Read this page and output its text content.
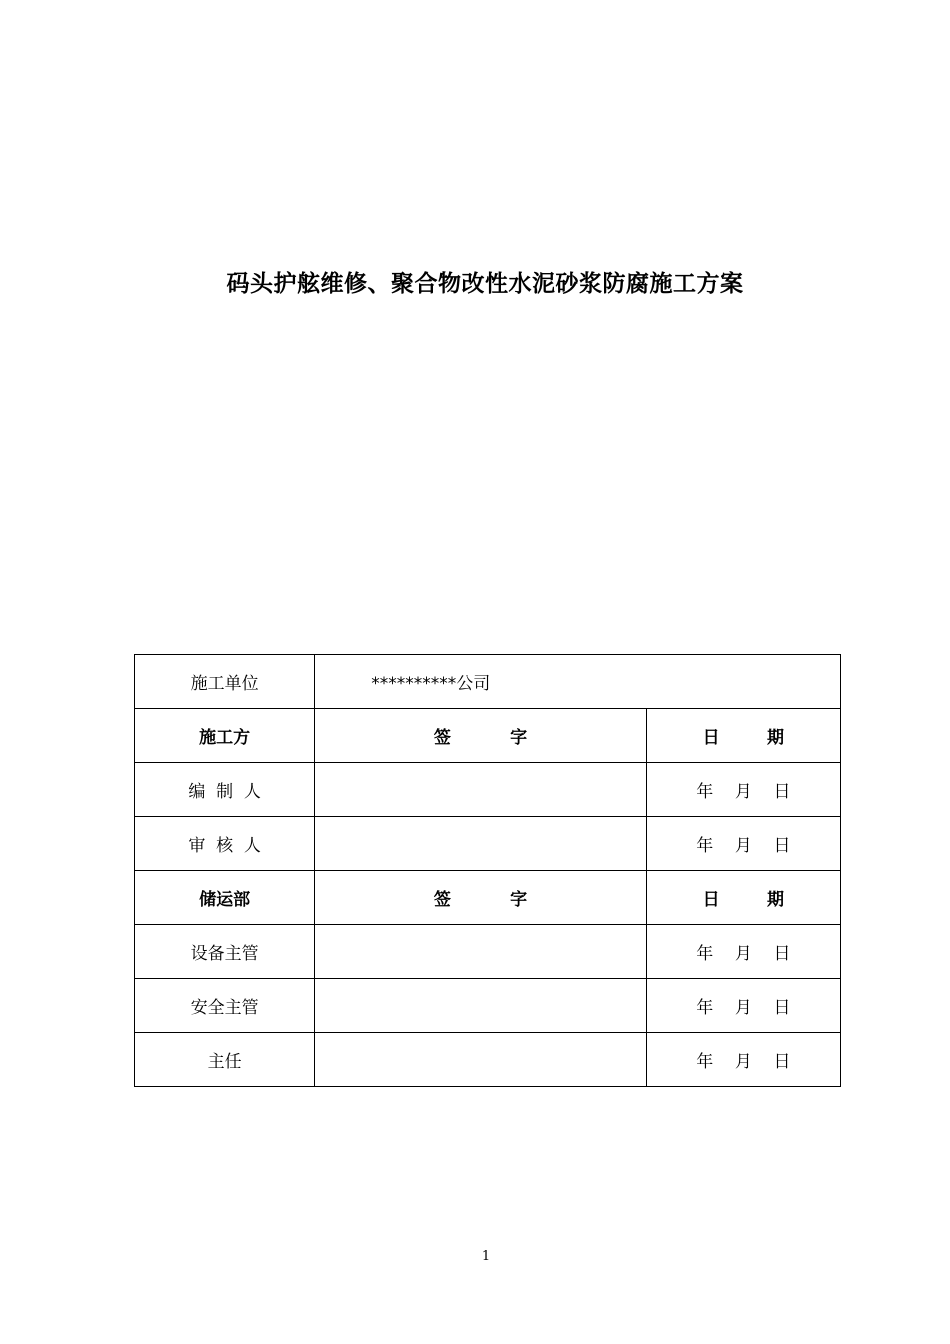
码头护舷维修、聚合物改性水泥砂浆防腐施工方案
施工单位	**********公司	
施工方	签          字	日        期
编  制  人		年    月    日
审  核  人		年    月    日
储运部	签          字	日        期
设备主管		年    月    日
安全主管		年    月    日
主任		年    月    日
1
